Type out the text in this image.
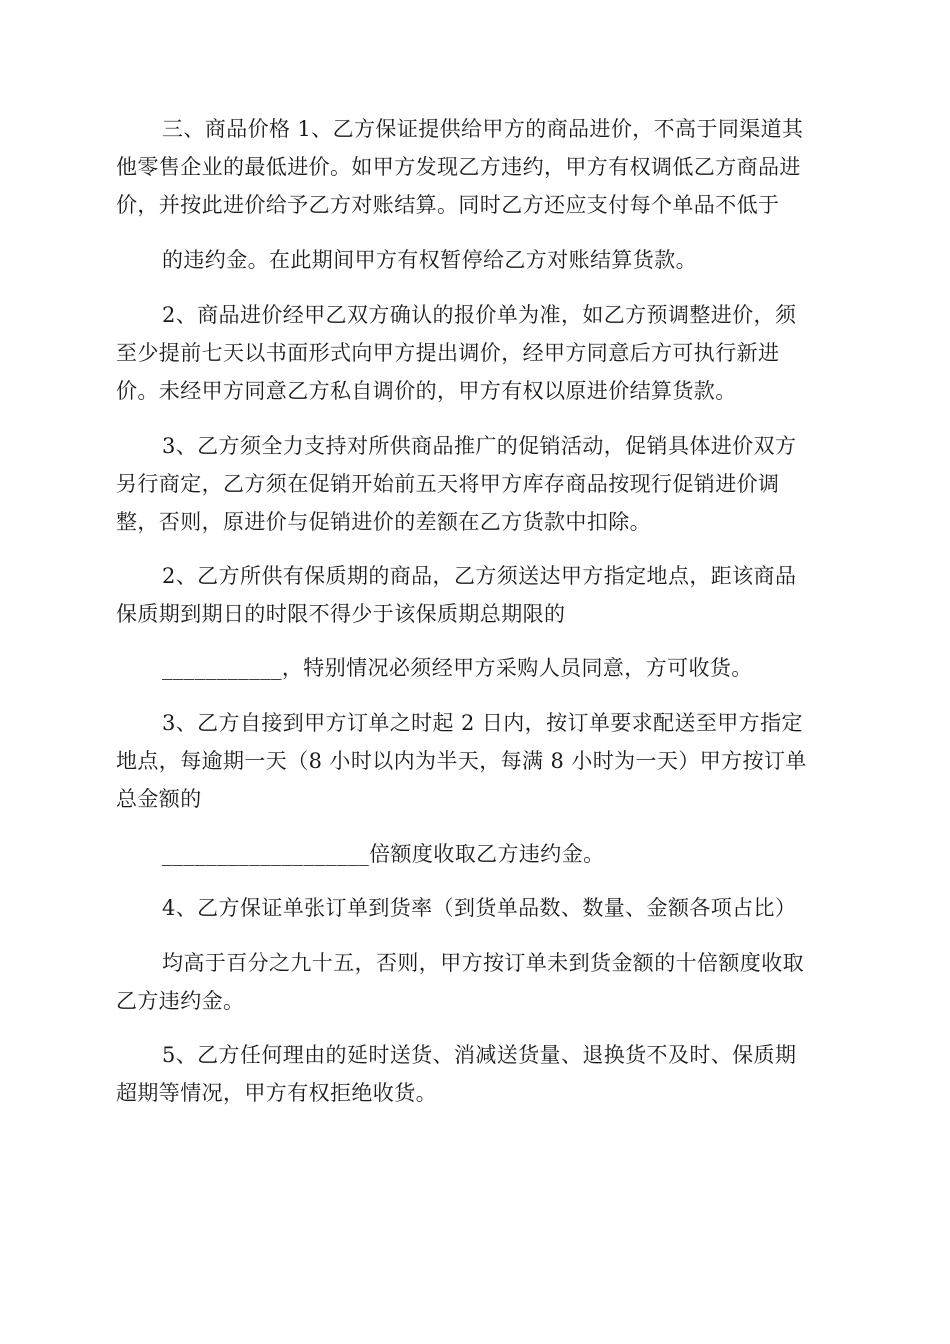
三、商品价格 1、乙方保证提供给甲方的商品进价，不高于同渠道其
他零售企业的最低进价。如甲方发现乙方违约，甲方有权调低乙方商品进
价，并按此进价给予乙方对账结算。同时乙方还应支付每个单品不低于
的违约金。在此期间甲方有权暂停给乙方对账结算货款。
2、商品进价经甲乙双方确认的报价单为准，如乙方预调整进价，须
至少提前七天以书面形式向甲方提出调价，经甲方同意后方可执行新进
价。未经甲方同意乙方私自调价的，甲方有权以原进价结算货款。
3、乙方须全力支持对所供商品推广的促销活动，促销具体进价双方
另行商定，乙方须在促销开始前五天将甲方库存商品按现行促销进价调
整，否则，原进价与促销进价的差额在乙方货款中扣除。
2、乙方所供有保质期的商品，乙方须送达甲方指定地点，距该商品
保质期到期日的时限不得少于该保质期总期限的
___________，特别情况必须经甲方采购人员同意，方可收货。
3、乙方自接到甲方订单之时起 2 日内，按订单要求配送至甲方指定
地点，每逾期一天（8 小时以内为半天，每满 8 小时为一天）甲方按订单
总金额的
___________________倍额度收取乙方违约金。
4、乙方保证单张订单到货率（到货单品数、数量、金额各项占比）
均高于百分之九十五，否则，甲方按订单未到货金额的十倍额度收取
乙方违约金。
5、乙方任何理由的延时送货、消减送货量、退换货不及时、保质期
超期等情况，甲方有权拒绝收货。
